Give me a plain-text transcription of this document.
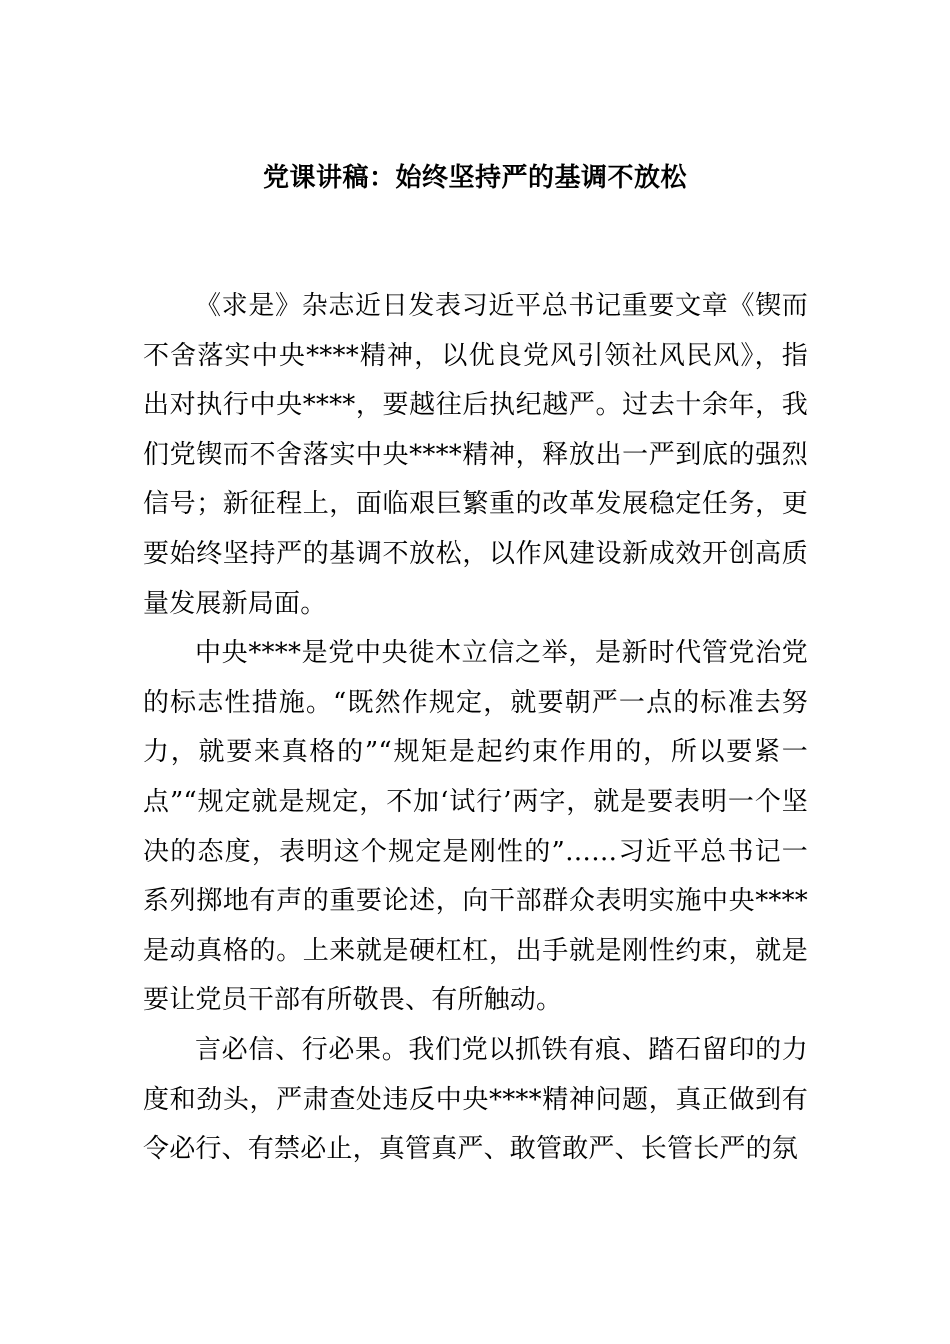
党课讲稿：始终坚持严的基调不放松

《求是》杂志近日发表习近平总书记重要文章《锲而不舍落实中央****精神，以优良党风引领社风民风》，指出对执行中央****，要越往后执纪越严。过去十余年，我们党锲而不舍落实中央****精神，释放出一严到底的强烈信号；新征程上，面临艰巨繁重的改革发展稳定任务，更要始终坚持严的基调不放松，以作风建设新成效开创高质量发展新局面。

中央****是党中央徙木立信之举，是新时代管党治党的标志性措施。“既然作规定，就要朝严一点的标准去努力，就要来真格的”“规矩是起约束作用的，所以要紧一点”“规定就是规定，不加‘试行’两字，就是要表明一个坚决的态度，表明这个规定是刚性的”……习近平总书记一系列掷地有声的重要论述，向干部群众表明实施中央****是动真格的。上来就是硬杠杠，出手就是刚性约束，就是要让党员干部有所敬畏、有所触动。

言必信、行必果。我们党以抓铁有痕、踏石留印的力度和劲头，严肃查处违反中央****精神问题，真正做到有令必行、有禁必止，真管真严、敢管敢严、长管长严的氛
